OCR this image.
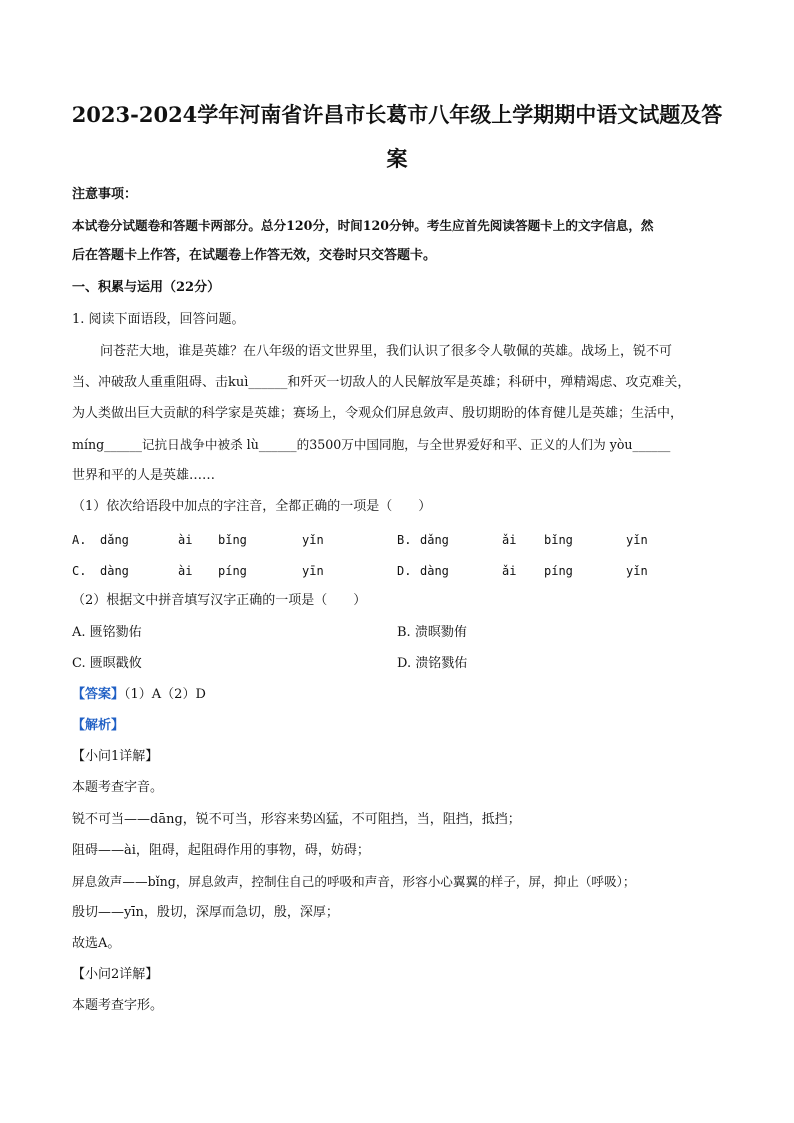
2023-2024学年河南省许昌市长葛市八年级上学期期中语文试题及答
案
注意事项：
本试卷分试题卷和答题卡两部分。总分120分，时间120分钟。考生应首先阅读答题卡上的文字信息，然
后在答题卡上作答，在试题卷上作答无效，交卷时只交答题卡。
一、积累与运用（22分）
1. 阅读下面语段，回答问题。
问苍茫大地，谁是英雄？在八年级的语文世界里，我们认识了很多令人敬佩的英雄。战场上，锐不可
当、冲破敌人重重阻碍、击kuì______和歼灭一切敌人的人民解放军是英雄；科研中，殚精竭虑、攻克难关，
为人类做出巨大贡献的科学家是英雄；赛场上，令观众们屏息敛声、殷切期盼的体育健儿是英雄；生活中，
míng______记抗日战争中被杀 lù______的3500万中国同胞，与全世界爱好和平、正义的人们为 yòu______
世界和平的人是英雄……
（1）依次给语段中加点的字注音，全都正确的一项是（　　）
A. dǎng	ài bǐng	yǐn	B. dǎng	ǎi bǐng	yǐn
C. dàng	ài píng	yīn	D. dàng	ǎi píng	yǐn
（2）根据文中拼音填写汉字正确的一项是（　　）
A. 匮铭勠佑	B. 溃暝勠侑
C. 匮暝戳攸	D. 溃铭戮佑
【答案】（1）A（2）D
【解析】
【小问1详解】
本题考查字音。
锐不可当——dāng，锐不可当，形容来势凶猛，不可阻挡，当，阻挡，抵挡；
阻碍——ài，阻碍，起阻碍作用的事物，碍，妨碍；
屏息敛声——bǐng，屏息敛声，控制住自己的呼吸和声音，形容小心翼翼的样子，屏，抑止（呼吸）；
殷切——yīn，殷切，深厚而急切，殷，深厚；
故选A。
【小问2详解】
本题考查字形。
